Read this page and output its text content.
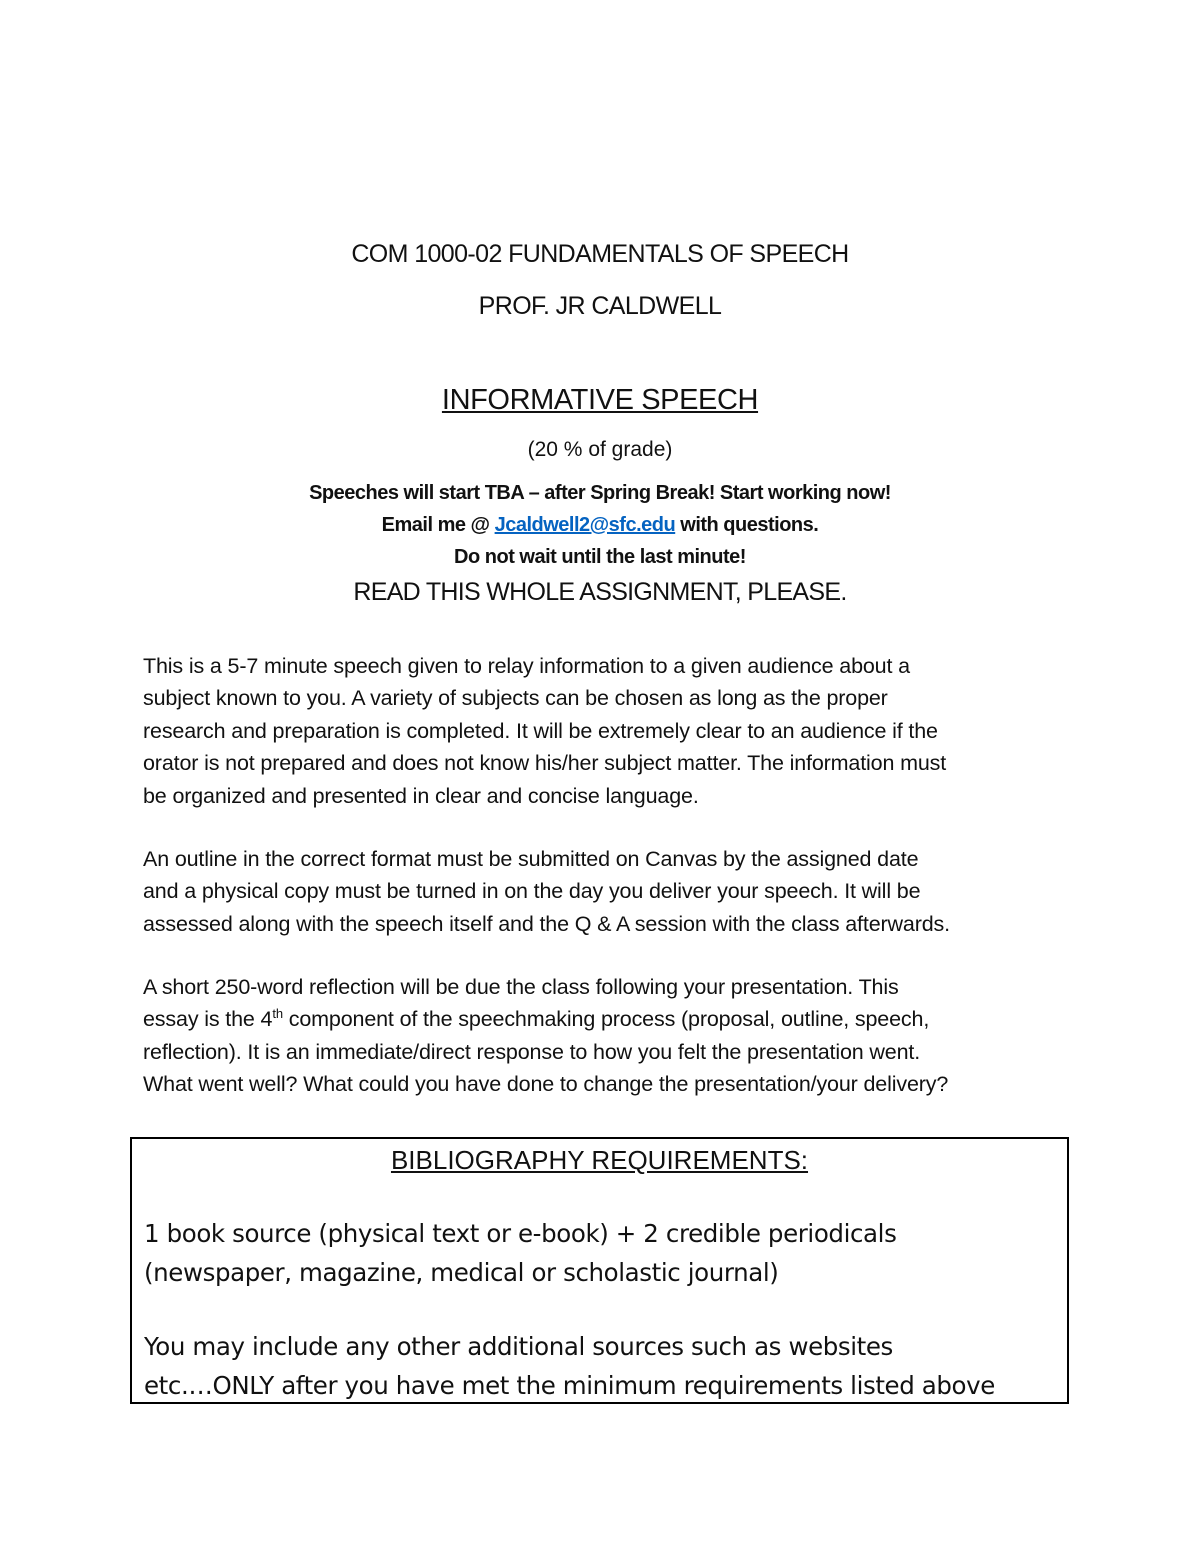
COM 1000-02 FUNDAMENTALS OF SPEECH
PROF. JR CALDWELL
INFORMATIVE SPEECH
(20 % of grade)
Speeches will start TBA – after Spring Break! Start working now!
Email me @ Jcaldwell2@sfc.edu with questions.
Do not wait until the last minute!
READ THIS WHOLE ASSIGNMENT, PLEASE.

This is a 5-7 minute speech given to relay information to a given audience about a
subject known to you. A variety of subjects can be chosen as long as the proper
research and preparation is completed. It will be extremely clear to an audience if the
orator is not prepared and does not know his/her subject matter. The information must
be organized and presented in clear and concise language.

An outline in the correct format must be submitted on Canvas by the assigned date
and a physical copy must be turned in on the day you deliver your speech. It will be
assessed along with the speech itself and the Q & A session with the class afterwards.

A short 250-word reflection will be due the class following your presentation. This
essay is the 4th component of the speechmaking process (proposal, outline, speech,
reflection). It is an immediate/direct response to how you felt the presentation went.
What went well? What could you have done to change the presentation/your delivery?

BIBLIOGRAPHY REQUIREMENTS:
1 book source (physical text or e-book) + 2 credible periodicals
(newspaper, magazine, medical or scholastic journal)
You may include any other additional sources such as websites
etc.…ONLY after you have met the minimum requirements listed above
